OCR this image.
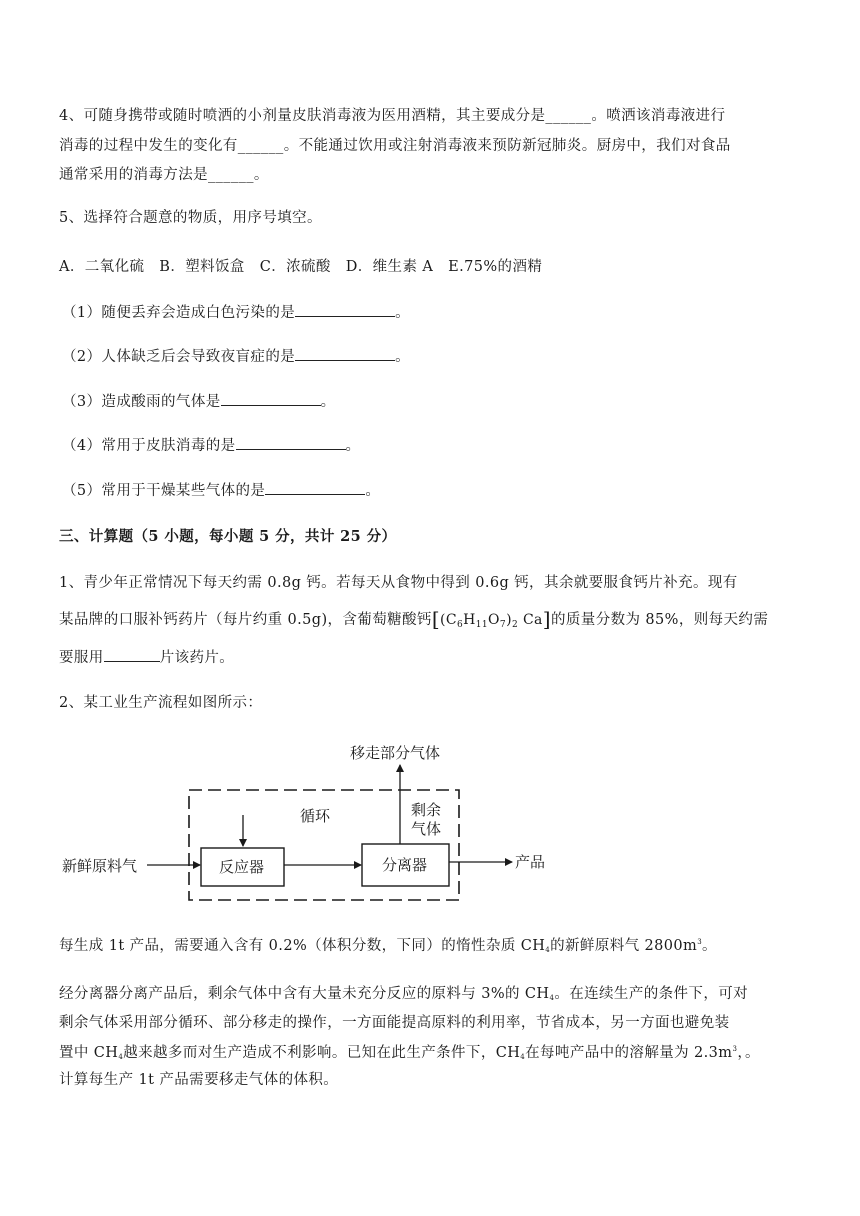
4、可随身携带或随时喷洒的小剂量皮肤消毒液为医用酒精，其主要成分是______。喷洒该消毒液进行
消毒的过程中发生的变化有______。不能通过饮用或注射消毒液来预防新冠肺炎。厨房中，我们对食品
通常采用的消毒方法是______。
5、选择符合题意的物质，用序号填空。
A．二氧化硫　B．塑料饭盒　C．浓硫酸　D．维生素 A　E.75%的酒精
（1）随便丢弃会造成白色污染的是	。
（2）人体缺乏后会导致夜盲症的是	。
（3）造成酸雨的气体是	。
（4）常用于皮肤消毒的是	。
（5）常用于干燥某些气体的是	。
三、计算题（5 小题，每小题 5 分，共计 25 分）
1、青少年正常情况下每天约需 0.8g 钙。若每天从食物中得到 0.6g 钙，其余就要服食钙片补充。现有
某品牌的口服补钙药片（每片约重 0.5g)，含葡萄糖酸钙[$(C_6H_{11}O_7)_2$ Ca]的质量分数为 85%，则每天约需
要服用	片该药片。
2、某工业生产流程如图所示：
移走部分气体
循环	剩余
气体
新鲜原料气	反应器	分离器	产品
每生成 1t 产品，需要通入含有 0.2%（体积分数，下同）的惰性杂质 CH4的新鲜原料气 $2800m^3$。
经分离器分离产品后，剩余气体中含有大量未充分反应的原料与 3%的 CH4。在连续生产的条件下，可对
剩余气体采用部分循环、部分移走的操作，一方面能提高原料的利用率，节省成本，另一方面也避免装
置中 CH4越来越多而对生产造成不利影响。已知在此生产条件下，CH4在每吨产品中的溶解量为 $2.3m^3$，。
计算每生产 1t 产品需要移走气体的体积。
